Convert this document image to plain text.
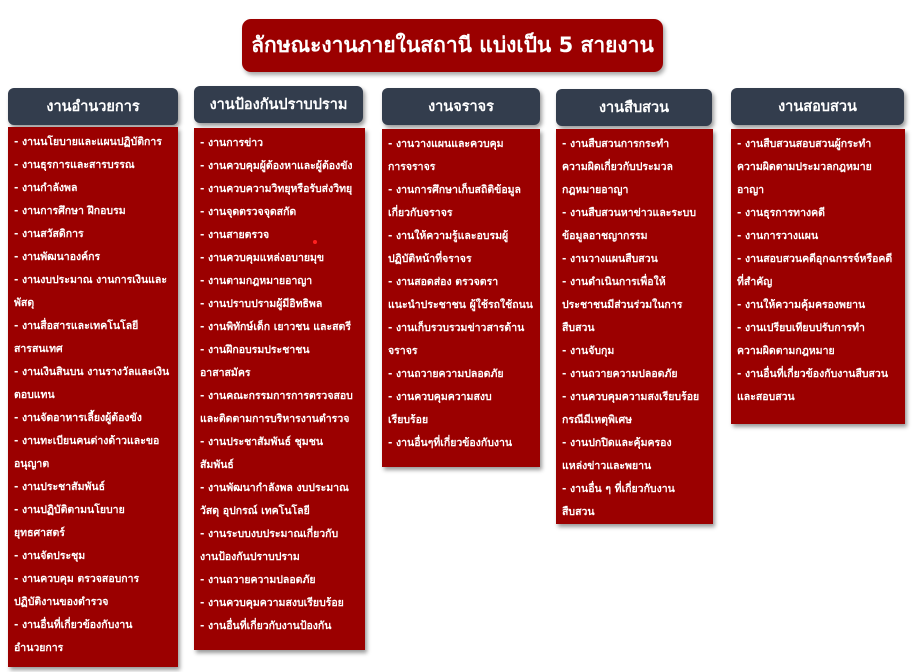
ลักษณะงานภายในสถานี แบ่งเป็น 5 สายงาน
งานอำนวยการ
- งานนโยบายและแผนปฏิบัติการ
- งานธุรการและสารบรรณ
- งานกำลังพล
- งานการศึกษา ฝึกอบรม
- งานสวัสดิการ
- งานพัฒนาองค์กร
- งานงบประมาณ งานการเงินและ
พัสดุ
- งานสื่อสารและเทคโนโลยี
สารสนเทศ
- งานเงินสินบน งานรางวัลและเงิน
ตอบแทน
- งานจัดอาหารเลี้ยงผู้ต้องขัง
- งานทะเบียนคนต่างด้าวและขอ
อนุญาต
- งานประชาสัมพันธ์
- งานปฏิบัติตามนโยบาย
ยุทธศาสตร์
- งานจัดประชุม
- งานควบคุม ตรวจสอบการ
ปฏิบัติงานของตำรวจ
- งานอื่นที่เกี่ยวข้องกับงาน
อำนวยการ
งานป้องกันปราบปราม
- งานการข่าว
- งานควบคุมผู้ต้องหาและผู้ต้องขัง
- งานควบความวิทยุหรือรับส่งวิทยุ
- งานจุดตรวจจุดสกัด
- งานสายตรวจ
- งานควบคุมแหล่งอบายมุข
- งานตามกฎหมายอาญา
- งานปราบปรามผู้มีอิทธิพล
- งานพิทักษ์เด็ก เยาวชน และสตรี
- งานฝึกอบรมประชาชน
อาสาสมัคร
- งานคณะกรรมการการตรวจสอบ
และติดตามการบริหารงานตำรวจ
- งานประชาสัมพันธ์ ชุมชน
สัมพันธ์
- งานพัฒนากำลังพล งบประมาณ
วัสดุ อุปกรณ์ เทคโนโลยี
- งานระบบงบประมาณเกี่ยวกับ
งานป้องกันปราบปราม
- งานถวายความปลอดภัย
- งานควบคุมความสงบเรียบร้อย
- งานอื่นที่เกี่ยวกับงานป้องกัน
งานจราจร
- งานวางแผนและควบคุม
การจราจร
- งานการศึกษาเก็บสถิติข้อมูล
เกี่ยวกับจราจร
- งานให้ความรู้และอบรมผู้
ปฏิบัติหน้าที่จราจร
- งานสอดส่อง ตรวจตรา
แนะนำประชาชน ผู้ใช้รถใช้ถนน
- งานเก็บรวบรวมข่าวสารด้าน
จราจร
- งานถวายความปลอดภัย
- งานควบคุมความสงบ
เรียบร้อย
- งานอื่นๆที่เกี่ยวข้องกับงาน
งานสืบสวน
- งานสืบสวนการกระทำ
ความผิดเกี่ยวกับประมวล
กฎหมายอาญา
- งานสืบสวนหาข่าวและระบบ
ข้อมูลอาชญากรรม
- งานวางแผนสืบสวน
- งานดำเนินการเพื่อให้
ประชาชนมีส่วนร่วมในการ
สืบสวน
- งานจับกุม
- งานถวายความปลอดภัย
- งานควบคุมความสงเรียบร้อย
กรณีมีเหตุพิเศษ
- งานปกปิดและคุ้มครอง
แหล่งข่าวและพยาน
- งานอื่น ๆ ที่เกี่ยวกับงาน
สืบสวน
งานสอบสวน
- งานสืบสวนสอบสวนผู้กระทำ
ความผิดตามประมวลกฎหมาย
อาญา
- งานธุรการทางคดี
- งานการวางแผน
- งานสอบสวนคดีอุกฉกรรจ์หรือคดี
ที่สำคัญ
- งานให้ความคุ้มครองพยาน
- งานเปรียบเทียบปรับการทำ
ความผิดตามกฎหมาย
- งานอื่นที่เกี่ยวข้องกับงานสืบสวน
และสอบสวน
